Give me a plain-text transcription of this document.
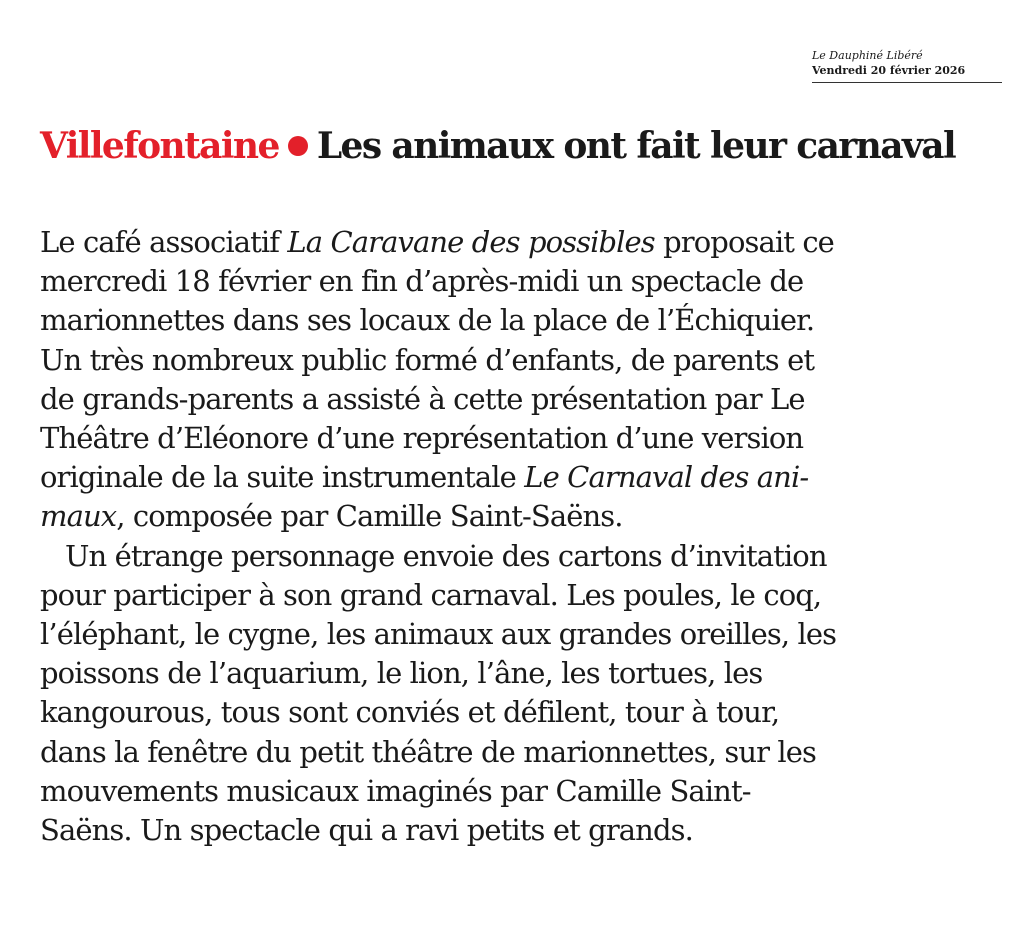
Le Dauphiné Libéré
Vendredi 20 février 2026
Villefontaine Les animaux ont fait leur carnaval
Le café associatif La Caravane des possibles proposait ce
mercredi 18 février en fin d’après-midi un spectacle de
marionnettes dans ses locaux de la place de l’Échiquier.
Un très nombreux public formé d’enfants, de parents et
de grands-parents a assisté à cette présentation par Le
Théâtre d’Eléonore d’une représentation d’une version
originale de la suite instrumentale Le Carnaval des ani-
maux, composée par Camille Saint-Saëns.
Un étrange personnage envoie des cartons d’invitation
pour participer à son grand carnaval. Les poules, le coq,
l’éléphant, le cygne, les animaux aux grandes oreilles, les
poissons de l’aquarium, le lion, l’âne, les tortues, les
kangourous, tous sont conviés et défilent, tour à tour,
dans la fenêtre du petit théâtre de marionnettes, sur les
mouvements musicaux imaginés par Camille Saint-
Saëns. Un spectacle qui a ravi petits et grands.
